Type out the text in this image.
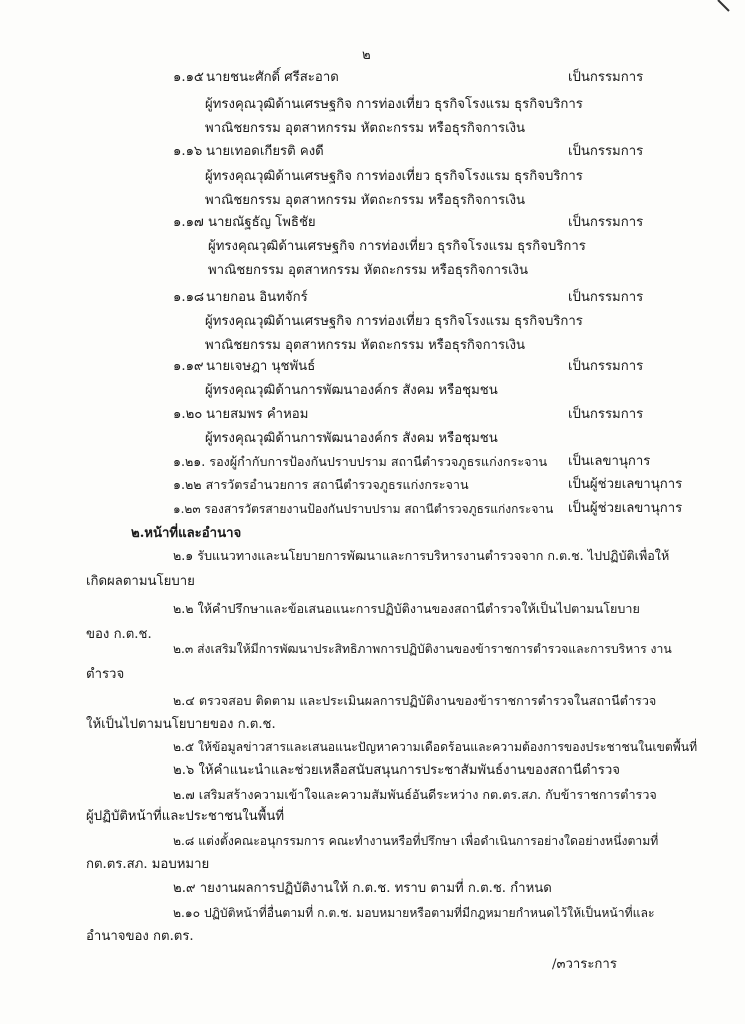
๒
๑.๑๕ นายชนะศักดิ์ ศรีสะอาด	เป็นกรรมการ
ผู้ทรงคุณวุฒิด้านเศรษฐกิจ การท่องเที่ยว ธุรกิจโรงแรม ธุรกิจบริการ
พาณิชยกรรม อุตสาหกรรม หัตถะกรรม หรือธุรกิจการเงิน
๑.๑๖ นายเทอดเกียรติ คงดี	เป็นกรรมการ
ผู้ทรงคุณวุฒิด้านเศรษฐกิจ การท่องเที่ยว ธุรกิจโรงแรม ธุรกิจบริการ
พาณิชยกรรม อุตสาหกรรม หัตถะกรรม หรือธุรกิจการเงิน
๑.๑๗ นายณัฐธัญ โพธิชัย	เป็นกรรมการ
ผู้ทรงคุณวุฒิด้านเศรษฐกิจ การท่องเที่ยว ธุรกิจโรงแรม ธุรกิจบริการ
พาณิชยกรรม อุตสาหกรรม หัตถะกรรม หรือธุรกิจการเงิน
๑.๑๘ นายกอน อินทจักร์	เป็นกรรมการ
ผู้ทรงคุณวุฒิด้านเศรษฐกิจ การท่องเที่ยว ธุรกิจโรงแรม ธุรกิจบริการ
พาณิชยกรรม อุตสาหกรรม หัตถะกรรม หรือธุรกิจการเงิน
๑.๑๙ นายเจษฎา นุชพันธ์	เป็นกรรมการ
ผู้ทรงคุณวุฒิด้านการพัฒนาองค์กร สังคม หรือชุมชน
๑.๒๐ นายสมพร คำหอม	เป็นกรรมการ
ผู้ทรงคุณวุฒิด้านการพัฒนาองค์กร สังคม หรือชุมชน
๑.๒๑. รองผู้กำกับการป้องกันปราบปราม สถานีตำรวจภูธรแก่งกระจาน เป็นเลขานุการ
๑.๒๒ สารวัตรอำนวยการ สถานีตำรวจภูธรแก่งกระจาน	เป็นผู้ช่วยเลขานุการ
๑.๒๓ รองสารวัตรสายงานป้องกันปราบปราม สถานีตำรวจภูธรแก่งกระจาน เป็นผู้ช่วยเลขานุการ
๒.หน้าที่และอำนาจ
๒.๑ รับแนวทางและนโยบายการพัฒนาและการบริหารงานตำรวจจาก ก.ต.ช. ไปปฏิบัติเพื่อให้
เกิดผลตามนโยบาย
๒.๒ ให้คำปรึกษาและข้อเสนอแนะการปฏิบัติงานของสถานีตำรวจให้เป็นไปตามนโยบาย
ของ ก.ต.ช.
๒.๓ ส่งเสริมให้มีการพัฒนาประสิทธิภาพการปฏิบัติงานของข้าราชการตำรวจและการบริหาร งาน
ตำรวจ
๒.๔ ตรวจสอบ ติดตาม และประเมินผลการปฏิบัติงานของข้าราชการตำรวจในสถานีตำรวจ
ให้เป็นไปตามนโยบายของ ก.ต.ช.
๒.๕ ให้ข้อมูลข่าวสารและเสนอแนะปัญหาความเดือดร้อนและความต้องการของประชาชนในเขตพื้นที่
๒.๖ ให้คำแนะนำและช่วยเหลือสนับสนุนการประชาสัมพันธ์งานของสถานีตำรวจ
๒.๗ เสริมสร้างความเข้าใจและความสัมพันธ์อันดีระหว่าง กต.ตร.สภ. กับข้าราชการตำรวจ
ผู้ปฏิบัติหน้าที่และประชาชนในพื้นที่
๒.๘ แต่งตั้งคณะอนุกรรมการ คณะทำงานหรือที่ปรึกษา เพื่อดำเนินการอย่างใดอย่างหนึ่งตามที่
กต.ตร.สภ. มอบหมาย
๒.๙ ายงานผลการปฏิบัติงานให้ ก.ต.ช. ทราบ ตามที่ ก.ต.ช. กำหนด
๒.๑๐ ปฏิบัติหน้าที่อื่นตามที่ ก.ต.ช. มอบหมายหรือตามที่มีกฎหมายกำหนดไว้ให้เป็นหน้าที่และ
อำนาจของ กต.ตร.
/๓วาระการ
